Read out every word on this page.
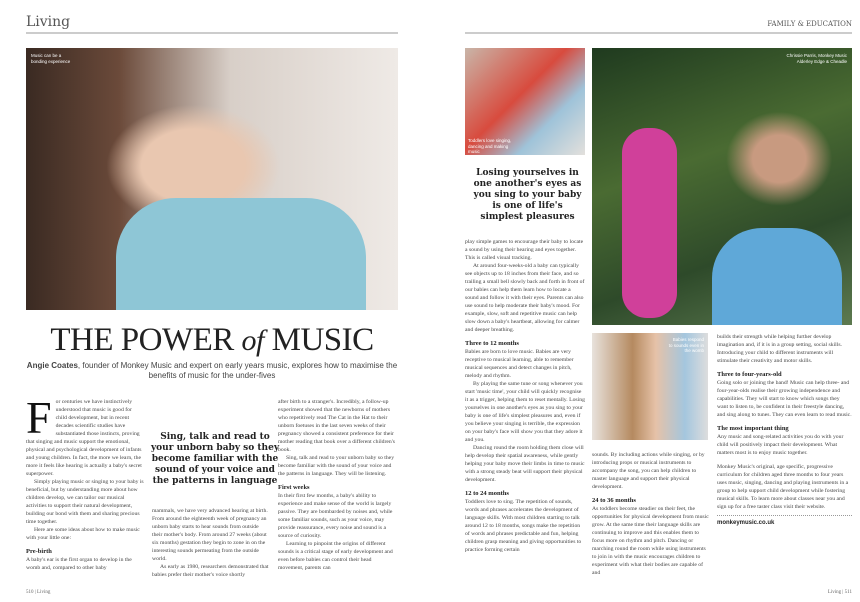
Living	FAMILY & EDUCATION
Music can be a bonding experience
Toddlers love singing, dancing and making music
Chrissie Parris, Monkey Music Alderley Edge & Cheadle
Babies respond to sounds even in the womb
THE POWER of MUSIC
Angie Coates, founder of Monkey Music and expert on early years music, explores how to maximise the benefits of music for the under-fives
F or centuries we have instinctively understood that music is good for child development, but in recent decades scientific studies have substantiated those instincts, proving that singing and music support the emotional, physical and psychological development of infants and young children. In fact, the more we learn, the more it feels like hearing is actually a baby's secret superpower.

Simply playing music or singing to your baby is beneficial, but by understanding more about how children develop, we can tailor our musical activities to support their natural development, building our bond with them and sharing precious time together.

Here are some ideas about how to make music with your little one:

Pre-birth

A baby's ear is the first organ to develop in the womb and, compared to other baby

Sing, talk and read to your unborn baby so they become familiar with the sound of your voice and the patterns in language

mammals, we have very advanced hearing at birth. From around the eighteenth week of pregnancy an unborn baby starts to hear sounds from outside their mother's body. From around 27 weeks (about six months) gestation they begin to zone in on the interesting sounds permeating from the outside world.

As early as 1980, researchers demonstrated that babies prefer their mother's voice shortly

after birth to a stranger's. Incredibly, a follow-up experiment showed that the newborns of mothers who repetitively read The Cat in the Hat to their unborn foetuses in the last seven weeks of their pregnancy showed a consistent preference for their mother reading that book over a different children's book.

Sing, talk and read to your unborn baby so they become familiar with the sound of your voice and the patterns in language. They will be listening.

First weeks

In their first few months, a baby's ability to experience and make sense of the world is largely passive. They are bombarded by noises and, while some familiar sounds, such as your voice, may provide reassurance, every noise and sound is a source of curiosity.

Learning to pinpoint the origins of different sounds is a critical stage of early development and even before babies can control their head movement, parents can

510 | Living
Losing yourselves in one another's eyes as you sing to your baby is one of life's simplest pleasures

play simple games to encourage their baby to locate a sound by using their hearing and eyes together. This is called visual tracking.

At around four-weeks-old a baby can typically see objects up to 18 inches from their face, and so trailing a small bell slowly back and forth in front of our babies can help them learn how to locate a sound and follow it with their eyes. Parents can also use sound to help moderate their baby's mood. For example, slow, soft and repetitive music can help slow down a baby's heartbeat, allowing for calmer and deeper breathing.

Three to 12 months

Babies are born to love music. Babies are very receptive to musical learning, able to remember musical sequences and detect changes in pitch, melody and rhythm.

By playing the same tune or song whenever you start 'music time', your child will quickly recognise it as a trigger, helping them to reset mentally. Losing yourselves in one another's eyes as you sing to your baby is one of life's simplest pleasures and, even if you believe your singing is terrible, the expression on your baby's face will show you that they adore it and you.

Dancing round the room holding them close will help develop their spatial awareness, while gently helping your baby move their limbs in time to music with a strong steady beat will support their physical development.

12 to 24 months

Toddlers love to sing. The repetition of sounds, words and phrases accelerates the development of language skills. With most children starting to talk around 12 to 18 months, songs make the repetition of words and phrases predictable and fun, helping children grasp meaning and giving opportunities to practice forming certain

sounds. By including actions while singing, or by introducing props or musical instruments to accompany the song, you can help children to master language and support their physical development.

24 to 36 months

As toddlers become steadier on their feet, the opportunities for physical development from music grow. At the same time their language skills are continuing to improve and this enables them to focus more on rhythm and pitch. Dancing or marching round the room while using instruments to join in with the music encourages children to experiment with what their bodies are capable of and

builds their strength while helping further develop imagination and, if it is in a group setting, social skills. Introducing your child to different instruments will stimulate their creativity and motor skills.

Three to four-years-old

Going solo or joining the band! Music can help three- and four-year-olds realise their growing independence and capabilities. They will start to know which songs they want to listen to, be confident in their freestyle dancing, and sing along to tunes. They can even learn to read music.

The most important thing

Any music and song-related activities you do with your child will positively impact their development. What matters most is to enjoy music together.

Monkey Music's original, age specific, progressive curriculum for children aged three months to four years uses music, singing, dancing and playing instruments in a group to help support child development while fostering musical skills. To learn more about classes near you and sign up for a free taster class visit their website.

monkeymusic.co.uk
Living | 511
